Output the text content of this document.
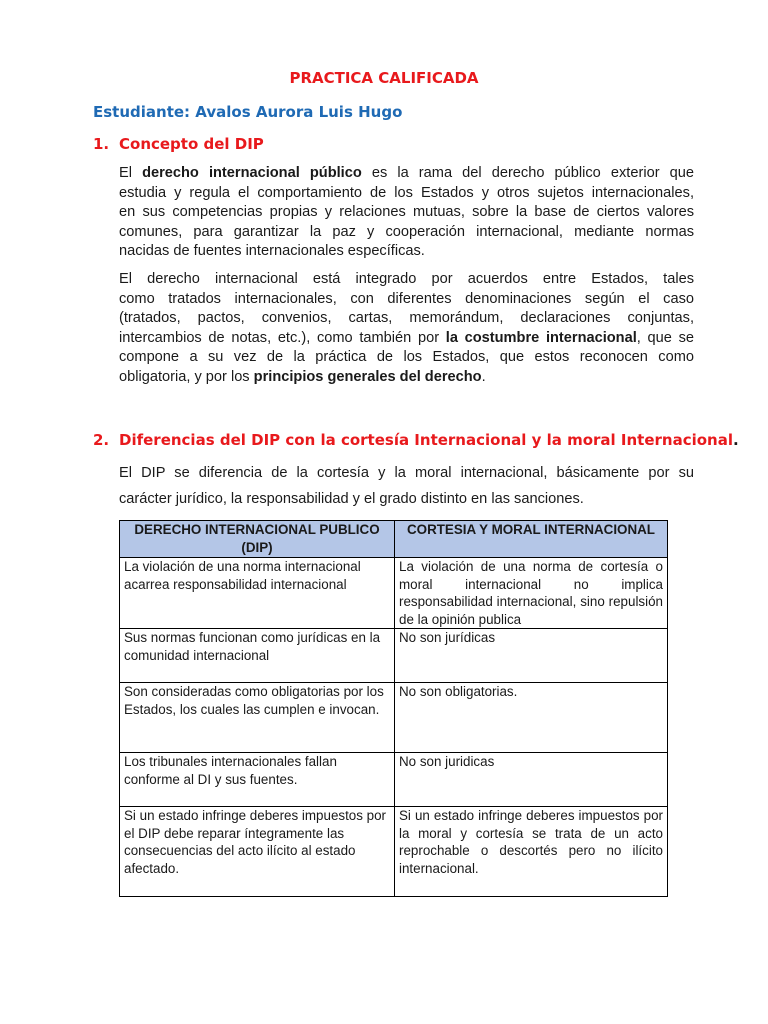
PRACTICA CALIFICADA
Estudiante: Avalos Aurora Luis Hugo
1. Concepto del DIP
El derecho internacional público es la rama del derecho público exterior que
estudia y regula el comportamiento de los Estados y otros sujetos internacionales,
en sus competencias propias y relaciones mutuas, sobre la base de ciertos valores
comunes, para garantizar la paz y cooperación internacional, mediante normas
nacidas de fuentes internacionales específicas.
El derecho internacional está integrado por acuerdos entre Estados, tales
como tratados internacionales, con diferentes denominaciones según el caso
(tratados, pactos, convenios, cartas, memorándum, declaraciones conjuntas,
intercambios de notas, etc.), como también por la costumbre internacional, que se
compone a su vez de la práctica de los Estados, que estos reconocen como
obligatoria, y por los principios generales del derecho.
2. Diferencias del DIP con la cortesía Internacional y la moral Internacional.
El DIP se diferencia de la cortesía y la moral internacional, básicamente por su
carácter jurídico, la responsabilidad y el grado distinto en las sanciones.
DERECHO INTERNACIONAL PUBLICO (DIP)	CORTESIA Y MORAL INTERNACIONAL
La violación de una norma internacional acarrea responsabilidad internacional	La violación de una norma de cortesía o moral internacional no implica responsabilidad internacional, sino repulsión de la opinión publica
Sus normas funcionan como jurídicas en la comunidad internacional	No son jurídicas
Son consideradas como obligatorias por los Estados, los cuales las cumplen e invocan.	No son obligatorias.
Los tribunales internacionales fallan conforme al DI y sus fuentes.	No son juridicas
Si un estado infringe deberes impuestos por el DIP debe reparar íntegramente las consecuencias del acto ilícito al estado afectado.	Si un estado infringe deberes impuestos por la moral y cortesía se trata de un acto reprochable o descortés pero no ilícito internacional.
